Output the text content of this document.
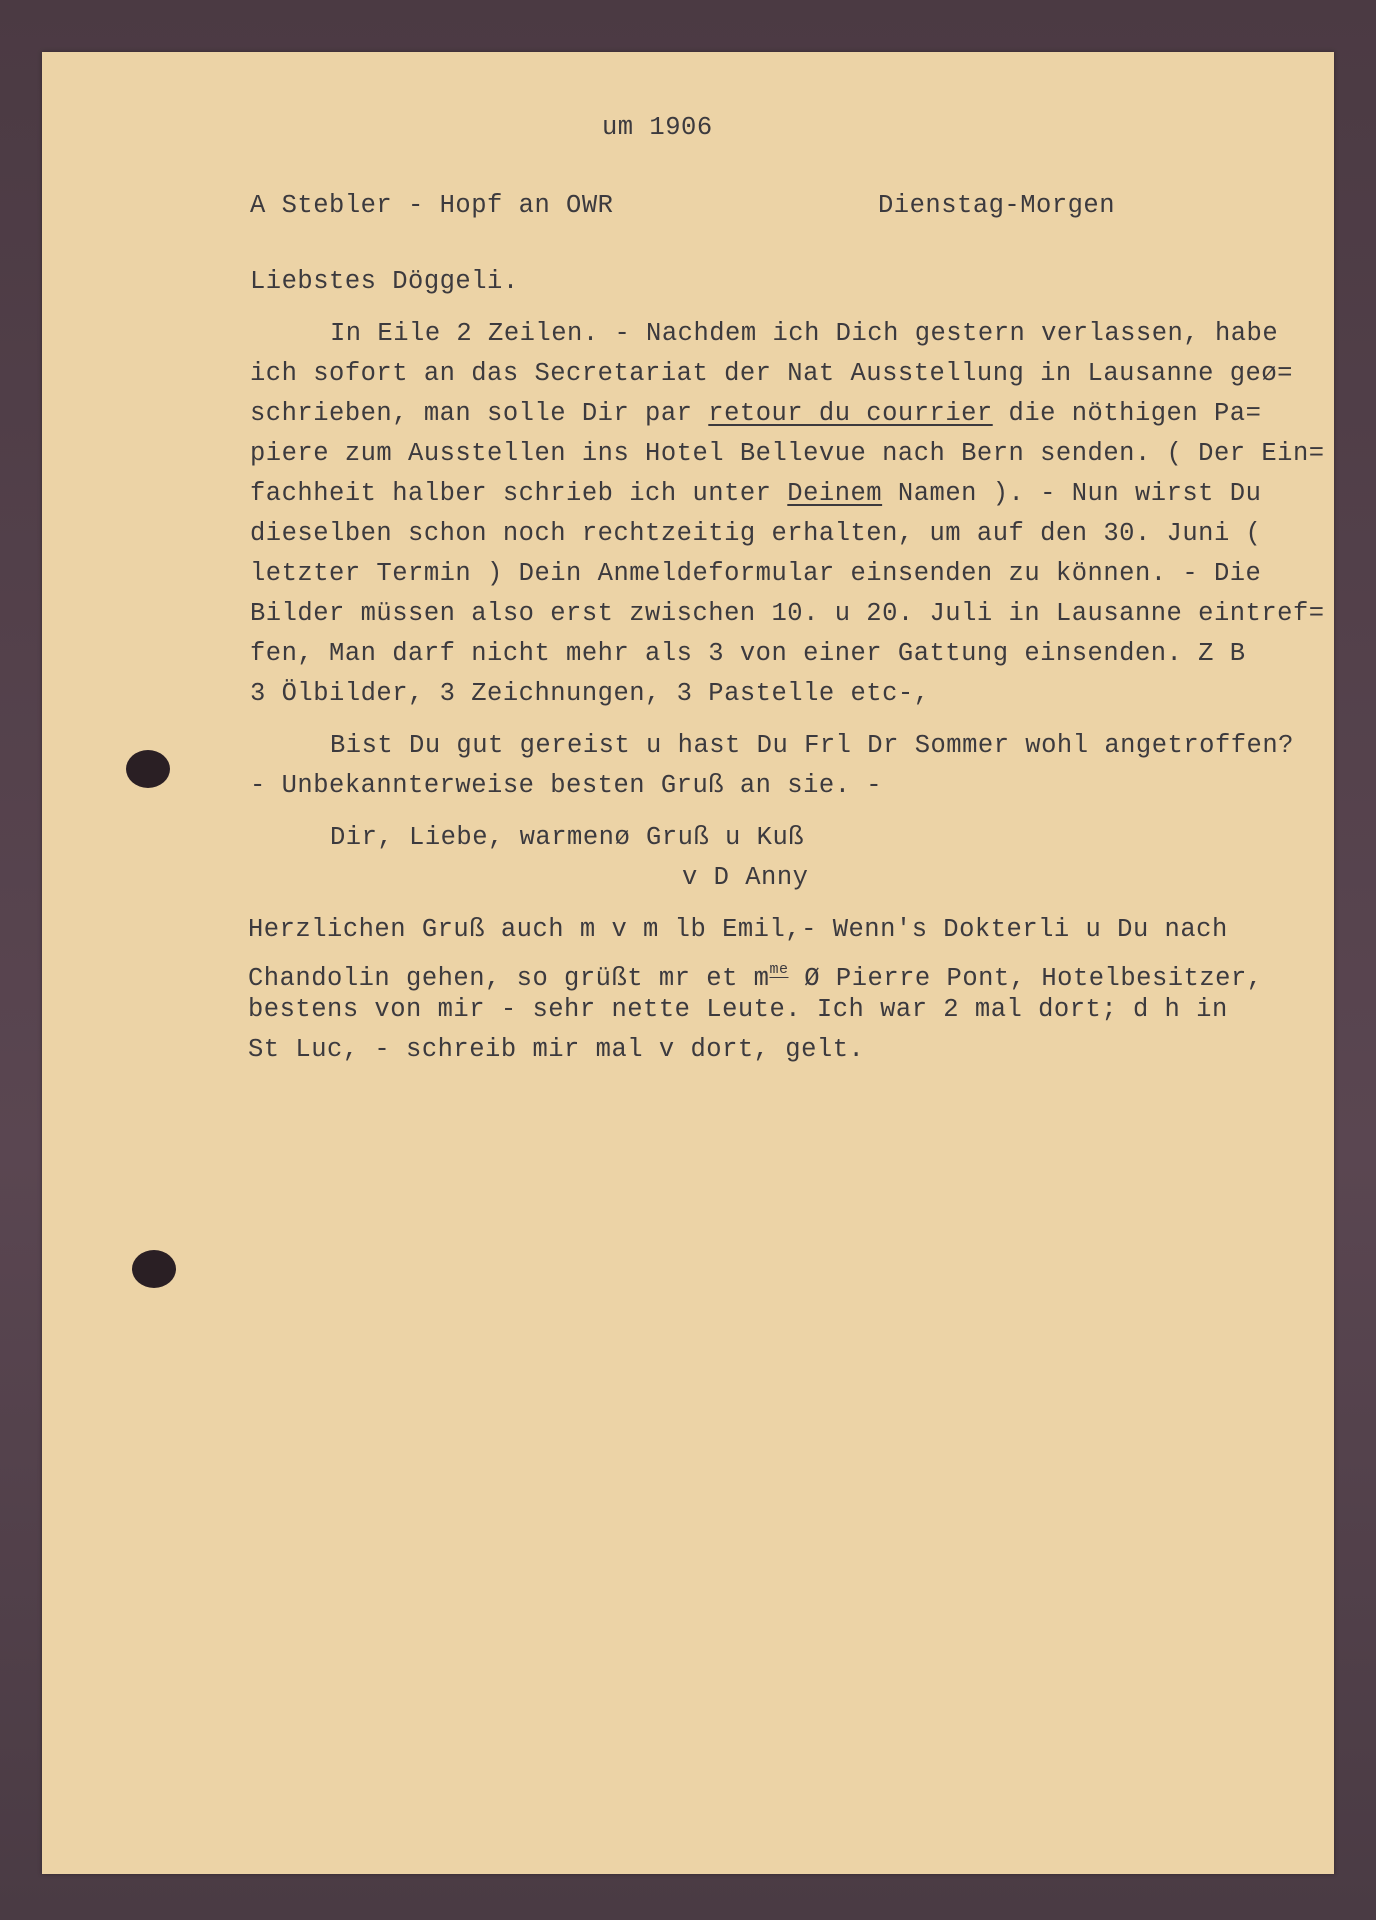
um 1906
A Stebler - Hopf an OWR	Dienstag-Morgen
Liebstes Döggeli.
In Eile 2 Zeilen. - Nachdem ich Dich gestern verlassen, habe
ich sofort an das Secretariat der Nat Ausstellung in Lausanne geø=
schrieben, man solle Dir par retour du courrier die nöthigen Pa=
piere zum Ausstellen ins Hotel Bellevue nach Bern senden. ( Der Ein=
fachheit halber schrieb ich unter Deinem Namen ). - Nun wirst Du
dieselben schon noch rechtzeitig erhalten, um auf den 30. Juni (
letzter Termin ) Dein Anmeldeformular einsenden zu können. - Die
Bilder müssen also erst zwischen 10. u 20. Juli in Lausanne eintref=
fen, Man darf nicht mehr als 3 von einer Gattung einsenden. Z B
3 Ölbilder, 3 Zeichnungen, 3 Pastelle etc-,
Bist Du gut gereist u hast Du Frl Dr Sommer wohl angetroffen?
- Unbekannterweise besten Gruß an sie. -
Dir, Liebe, warmenø Gruß u Kuß
v D Anny
Herzlichen Gruß auch m v m lb Emil,- Wenn's Dokterli u Du nach
Chandolin gehen, so grüßt mr et $m^{me}$ Ø Pierre Pont, Hotelbesitzer,
bestens von mir - sehr nette Leute. Ich war 2 mal dort; d h in
St Luc, - schreib mir mal v dort, gelt.
